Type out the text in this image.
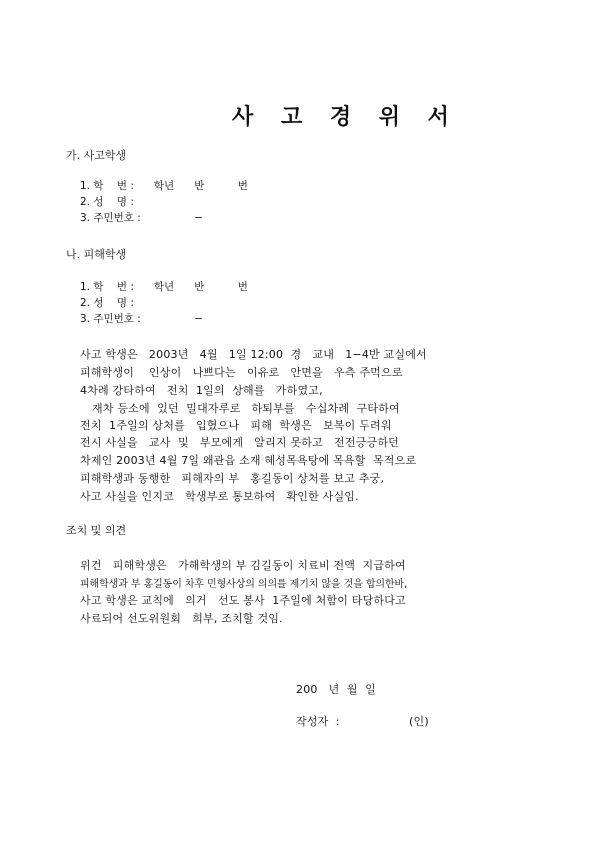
사 고 경 위 서
가. 사고학생
1. 학    번 :      학년      반          번
2. 성    명 :
3. 주민번호 :                −
나. 피해학생
1. 학    번 :      학년      반          번
2. 성    명 :
3. 주민번호 :                −
사고 학생은   2003년   4월   1일 12:00  경   교내   1−4반 교실에서
피해학생이    인상이   나쁘다는   이유로   안면을   우측 주먹으로
4차례 강타하여   전치  1일의  상해를   가하였고,
재차 등소에  있던  밀대자루로   하퇴부를   수십차례  구타하여
전치  1주일의 상처를   입혔으나   피해  학생은   보복이 두려워
전시 사실을   교사  및   부모에게   알리지 못하고   전전긍긍하던
차제인 2003년 4월 7일 왜관읍 소재 혜성목욕탕에 목욕할  목적으로
피해학생과 동행한   피해자의 부   홍길동이 상처를 보고 추궁,
사고 사실을 인지코   학생부로 통보하여   확인한 사실임.
조치 및 의견
위건   피해학생은   가해학생의 부 김길동이 치료비 전액  지급하여
피해학생과 부 홍길동이 차후 민형사상의 의의를 제기치 않을 것을 합의한바,
사고 학생은 교칙에   의거   선도 봉사  1주일에 처함이 타당하다고
사료되어 선도위원회   희부, 조치할 것임.
200   년  월  일
작성자  :	(인)
